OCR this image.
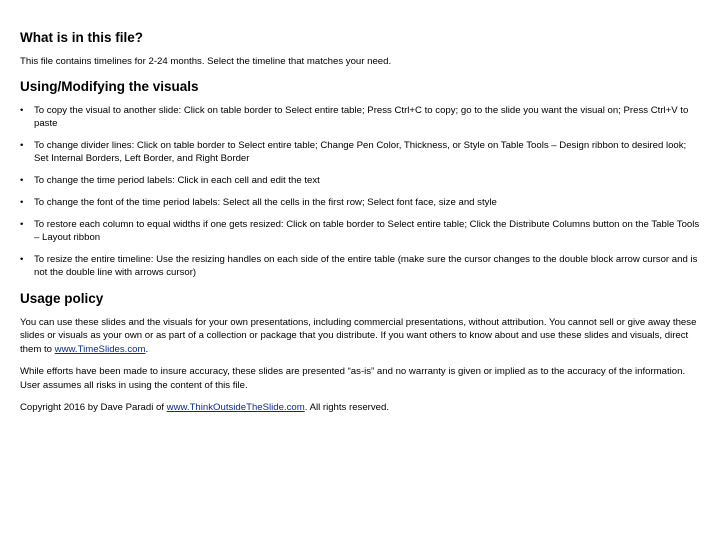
What is in this file?

This file contains timelines for 2-24 months. Select the timeline that matches your need.

Using/Modifying the visuals
• To copy the visual to another slide: Click on table border to Select entire table; Press Ctrl+C to copy; go to the slide you want the visual on; Press Ctrl+V to paste
• To change divider lines: Click on table border to Select entire table; Change Pen Color, Thickness, or Style on Table Tools – Design ribbon to desired look; Set Internal Borders, Left Border, and Right Border
• To change the time period labels: Click in each cell and edit the text
• To change the font of the time period labels: Select all the cells in the first row; Select font face, size and style
• To restore each column to equal widths if one gets resized: Click on table border to Select entire table; Click the Distribute Columns button on the Table Tools – Layout ribbon
• To resize the entire timeline: Use the resizing handles on each side of the entire table (make sure the cursor changes to the double block arrow cursor and is not the double line with arrows cursor)
Usage policy

You can use these slides and the visuals for your own presentations, including commercial presentations, without attribution. You cannot sell or give away these slides or visuals as your own or as part of a collection or package that you distribute. If you want others to know about and use these slides and visuals, direct them to www.TimeSlides.com.

While efforts have been made to insure accuracy, these slides are presented “as-is” and no warranty is given or implied as to the accuracy of the information. User assumes all risks in using the content of this file.

Copyright 2016 by Dave Paradi of www.ThinkOutsideTheSlide.com. All rights reserved.
